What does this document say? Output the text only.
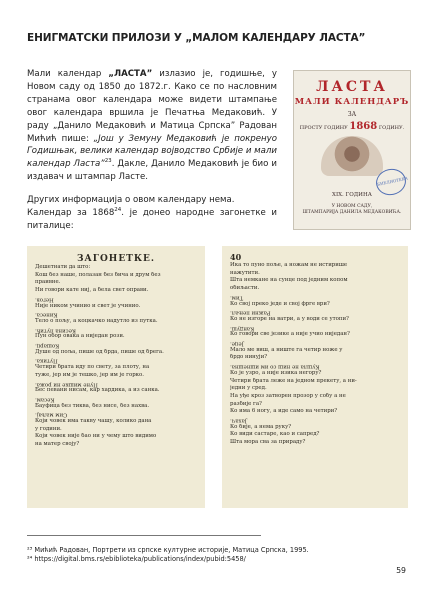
ЕНИГМАТСКИ ПРИЛОЗИ У „МАЛОМ КАЛЕНДАРУ ЛАСТА”

Мали календар „ЛАСТА” излазио је, годишње, у Новом саду од 1850 до 1872.г. Како се по насловним странама овог календара може видети штампање овог календара вршила је Печатња Медаковић. У раду „Данило Медаковић и Матица Српска” Радован Мићић пише: „Још у Земуну Медаковић је покренуо Годишњак, велики календар војводство Србије и мали календар Ласта”$^{23}$. Дакле, Данило Медаковић је био и издавач и штампар Ласте.

Других информација о овом календару нема.
Календар за 1868$^{24}$. је донео народне загонетке и питалице:

ЛАСТА
МАЛИ КАЛЕНДАРЪ
ЗА
ПРОСТУ ГОДИНУ 1868 ГОДИНУ.
БИБЛИОТЕКА
XIX. ГОДИНА
У НОВОМ САДУ,
ШТАМПАРИЈА ДАНИЛА МЕДАКОВИЋА.
ЗАГОНЕТКЕ.
Дешетнати да што:
Кош без наше, полазан без бича и друм без
праивне.
Ни говори кате ниј, а бела свет оправи.
Негов.
Није ником учинио и свет је учинио.
Кинеса.
Тело о пољу, а коцкачко надутло из путка.
Кесина путић.
Пун обор овака а ниједан рози.
Кошарц.
Душе од поља, пише од брда, пише од брега.
Путика.
Четири брата иду по свету, за плоту, на
туже, јер им је тешко, јер им је горко.
Пуне мишке ни рожа.
Бес певани нисам, кар хардика, а из санка.
Кесам.
Бауфица без тиква, без нисе, без нахва.
Сим маљај.
Који човек има такву чашу, колико дана
у години.
Који човек није бао ни у чему што видимо
на матер своју?
40
Ика то пуно поље, а ножам не истирише
нажутити.
Шта немкане на сунце под једним копом
обиљасти.
Тим.
Ко свој преко једе и свој фрге ври?
Ражни пењал.
Ко не изгоре на ватри, а у води се утопи?
Кандуш.
Ко говори све језике а није учио ниједан?
Јеце.
Мало ме виш, а ниште га четир ноже у
брдо нинуји?
Кушла не ниш со им ишнешна.
Ко је узро, а није изика негору?
Четири брата леже на једном прекету, а ни-
једни у сред.
На уђе кроз затворен прозор у собу а не
разбије га?
Ко има 6 ногу, а иде само на четири?
Јахач.
Ко бије, а нема руку?
Ко види састаре, као и сапред?
Шта мора сва за прираду?
²³ Мићић Радован, Портрети из српске културне историје, Матица Српска, 1995.
²⁴ https://digital.bms.rs/ebiblioteka/publications/index/pubid:5458/
59
